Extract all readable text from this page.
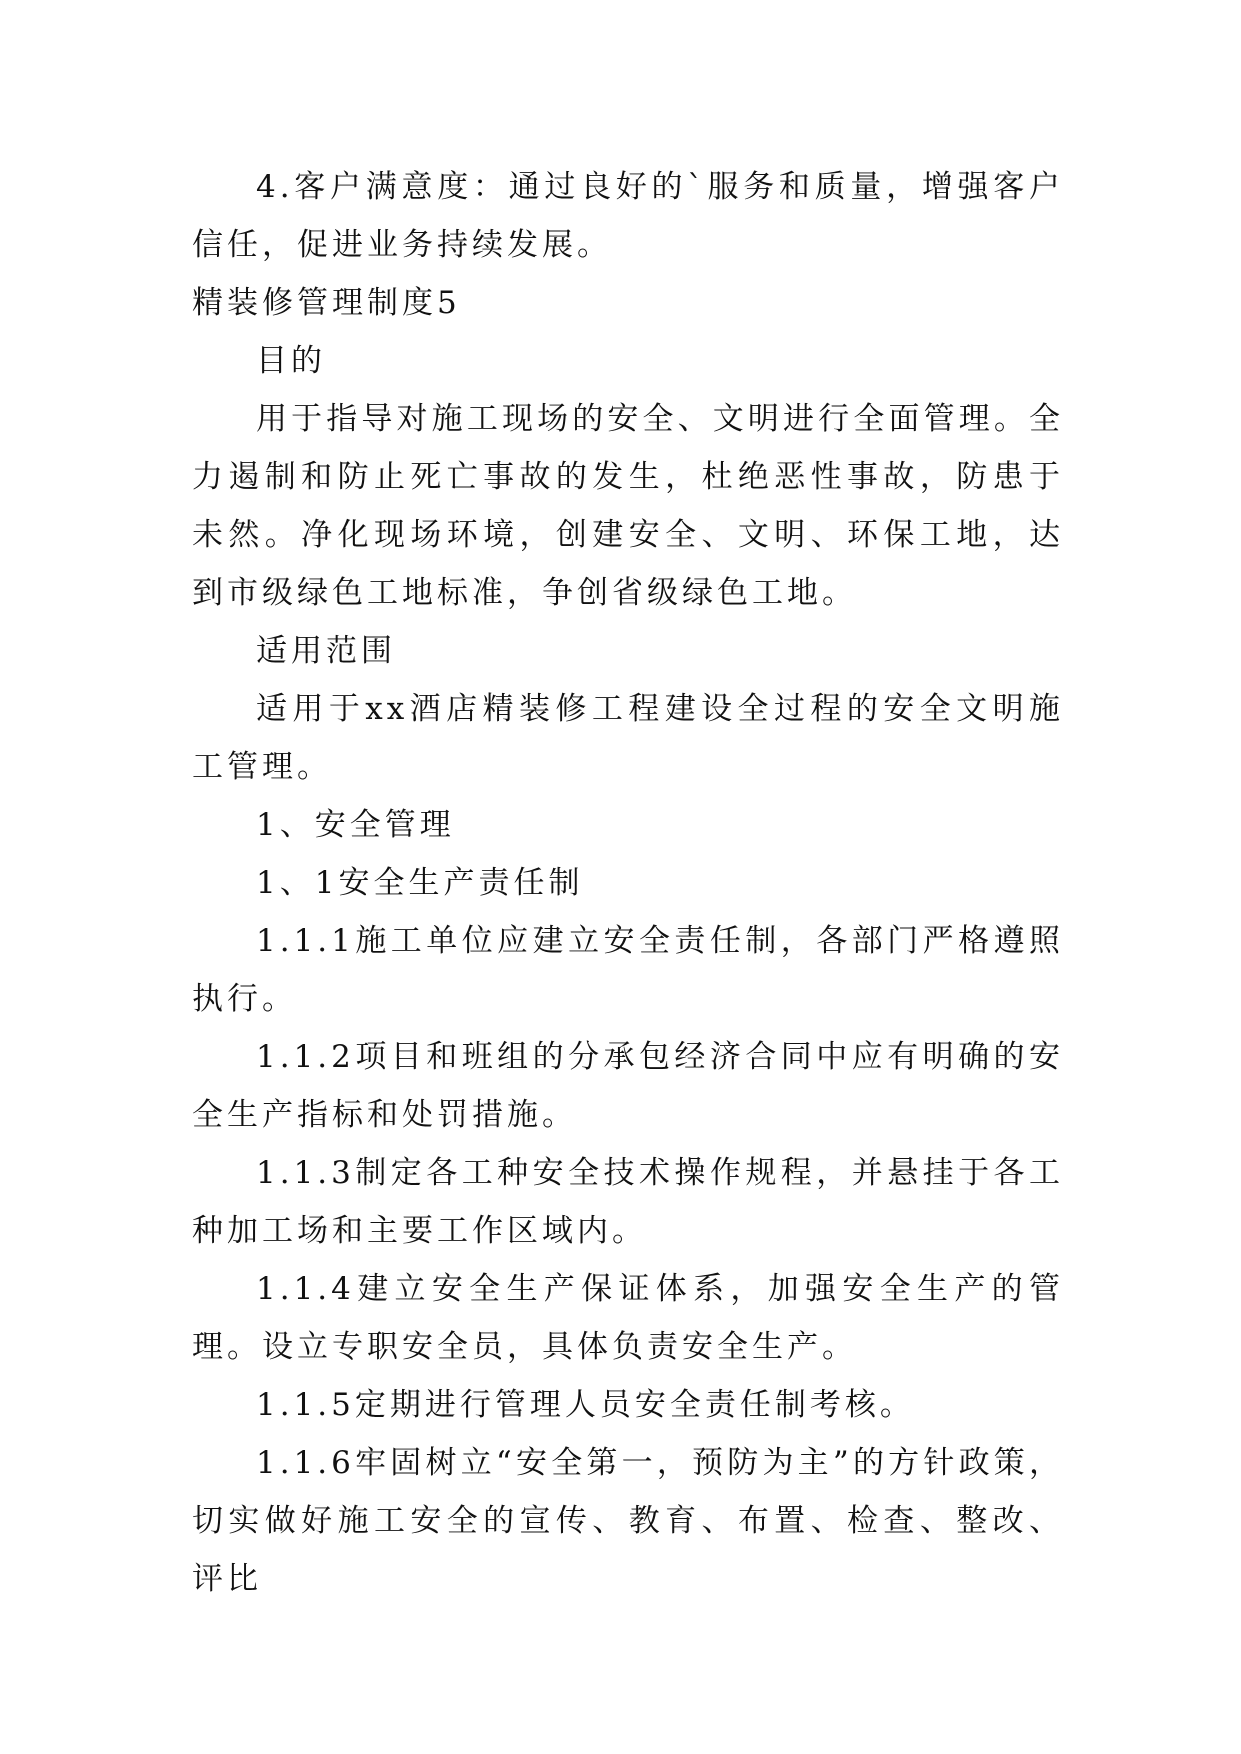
4.客户满意度：通过良好的`服务和质量，增强客户信任，促进业务持续发展。

精装修管理制度5

目的

用于指导对施工现场的安全、文明进行全面管理。全力遏制和防止死亡事故的发生，杜绝恶性事故，防患于未然。净化现场环境，创建安全、文明、环保工地，达到市级绿色工地标准，争创省级绿色工地。

适用范围

适用于xx酒店精装修工程建设全过程的安全文明施工管理。

1、安全管理

1、1安全生产责任制

1.1.1施工单位应建立安全责任制，各部门严格遵照执行。

1.1.2项目和班组的分承包经济合同中应有明确的安全生产指标和处罚措施。

1.1.3制定各工种安全技术操作规程，并悬挂于各工种加工场和主要工作区域内。

1.1.4建立安全生产保证体系，加强安全生产的管理。设立专职安全员，具体负责安全生产。

1.1.5定期进行管理人员安全责任制考核。

1.1.6牢固树立“安全第一，预防为主”的方针政策，切实做好施工安全的宣传、教育、布置、检查、整改、评比
